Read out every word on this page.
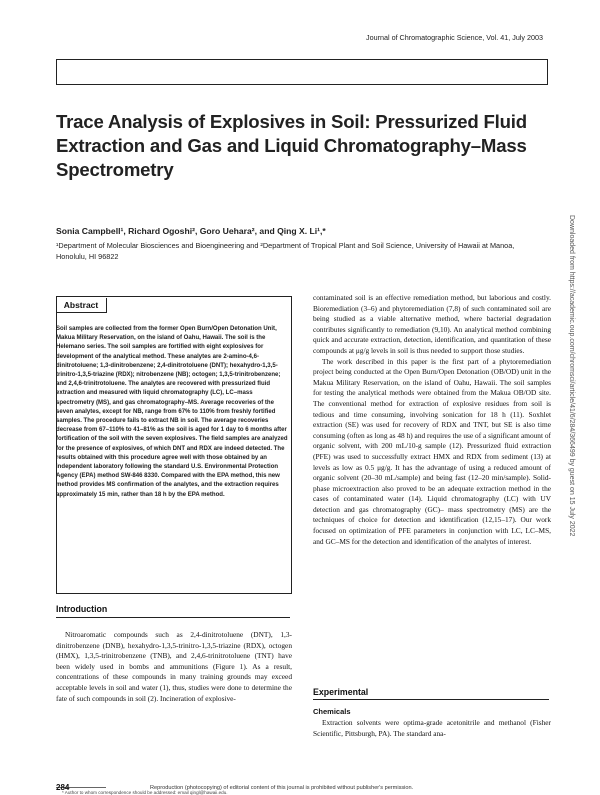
Journal of Chromatographic Science, Vol. 41, July 2003
Trace Analysis of Explosives in Soil: Pressurized Fluid Extraction and Gas and Liquid Chromatography–Mass Spectrometry
Sonia Campbell¹, Richard Ogoshi², Goro Uehara², and Qing X. Li¹,*
¹Department of Molecular Biosciences and Bioengineering and ²Department of Tropical Plant and Soil Science, University of Hawaii at Manoa, Honolulu, HI 96822	Downloaded from https://academic.oup.com/chromsci/article/41/6/284/366499 by guest on 15 July 2022
Abstract
Soil samples are collected from the former Open Burn/Open Detonation Unit, Makua Military Reservation, on the island of Oahu, Hawaii. The soil is the Helemano series. The soil samples are fortified with eight explosives for development of the analytical method. These analytes are 2-amino-4,6-dinitrotoluene; 1,3-dinitrobenzene; 2,4-dinitrotoluene (DNT); hexahydro-1,3,5-trinitro-1,3,5-triazine (RDX); nitrobenzene (NB); octogen; 1,3,5-trinitrobenzene; and 2,4,6-trinitrotoluene. The analytes are recovered with pressurized fluid extraction and measured with liquid chromatography (LC), LC–mass spectrometry (MS), and gas chromatography–MS. Average recoveries of the seven analytes, except for NB, range from 67% to 110% from freshly fortified samples. The procedure fails to extract NB in soil. The average recoveries decrease from 67–110% to 41–81% as the soil is aged for 1 day to 6 months after fortification of the soil with the seven explosives. The field samples are analyzed for the presence of explosives, of which DNT and RDX are indeed detected. The results obtained with this procedure agree well with those obtained by an independent laboratory following the standard U.S. Environmental Protection Agency (EPA) method SW-846 8330. Compared with the EPA method, this new method provides MS confirmation of the analytes, and the extraction requires approximately 15 min, rather than 18 h by the EPA method.
Introduction
Nitroaromatic compounds such as 2,4-dinitrotoluene (DNT), 1,3-dinitrobenzene (DNB), hexahydro-1,3,5-trinitro-1,3,5-triazine (RDX), octogen (HMX), 1,3,5-trinitrobenzene (TNB), and 2,4,6-trinitrotoluene (TNT) have been widely used in bombs and ammunitions (Figure 1). As a result, concentrations of these compounds in many training grounds may exceed acceptable levels in soil and water (1), thus, studies were done to determine the fate of such compounds in soil (2). Incineration of explosive-

contaminated soil is an effective remediation method, but laborious and costly. Bioremediation (3–6) and phytoremediation (7,8) of such contaminated soil are being studied as a viable alternative method, where bacterial degradation contributes significantly to remediation (9,10). An analytical method combining quick and accurate extraction, detection, identification, and quantitation of these compounds at μg/g levels in soil is thus needed to support those studies.

The work described in this paper is the first part of a phytoremediation project being conducted at the Open Burn/Open Detonation (OB/OD) unit in the Makua Military Reservation, on the island of Oahu, Hawaii. The soil samples for testing the analytical methods were obtained from the Makua OB/OD site. The conventional method for extraction of explosive residues from soil is tedious and time consuming, involving sonication for 18 h (11). Soxhlet extraction (SE) was used for recovery of RDX and TNT, but SE is also time consuming (often as long as 48 h) and requires the use of a significant amount of organic solvent, with 200 mL/10-g sample (12). Pressurized fluid extraction (PFE) was used to successfully extract HMX and RDX from sediment (13) at levels as low as 0.5 μg/g. It has the advantage of using a reduced amount of organic solvent (20–30 mL/sample) and being fast (12–20 min/sample). Solid-phase microextraction also proved to be an adequate extraction method in the cases of contaminated water (14). Liquid chromatography (LC) with UV detection and gas chromatography (GC)– mass spectrometry (MS) are the techniques of choice for detection and identification (12,15–17). Our work focused on optimization of PFE parameters in conjunction with LC, LC–MS, and GC–MS for the detection and identification of the analytes of interest.

Experimental
Chemicals
Extraction solvents were optima-grade acetonitrile and methanol (Fisher Scientific, Pittsburgh, PA). The standard ana-
* Author to whom correspondence should be addressed: email qingl@hawaii.edu.
284	Reproduction (photocopying) of editorial content of this journal is prohibited without publisher's permission.
